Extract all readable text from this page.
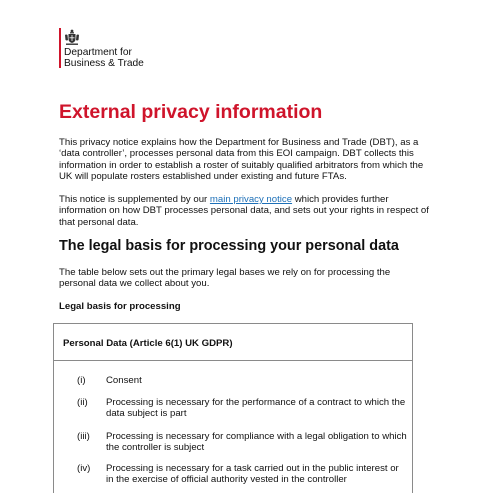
Department for
Business & Trade
External privacy information

This privacy notice explains how the Department for Business and Trade (DBT), as a ‘data controller’, processes personal data from this EOI campaign. DBT collects this information in order to establish a roster of suitably qualified arbitrators from which the UK will populate rosters established under existing and future FTAs.

This notice is supplemented by our main privacy notice which provides further information on how DBT processes personal data, and sets out your rights in respect of that personal data.

The legal basis for processing your personal data

The table below sets out the primary legal bases we rely on for processing the personal data we collect about you.

Legal basis for processing

Personal Data (Article 6(1) UK GDPR)
(i) Consent
(ii) Processing is necessary for the performance of a contract to which the data subject is part
(iii) Processing is necessary for compliance with a legal obligation to which the controller is subject
(iv) Processing is necessary for a task carried out in the public interest or in the exercise of official authority vested in the controller
